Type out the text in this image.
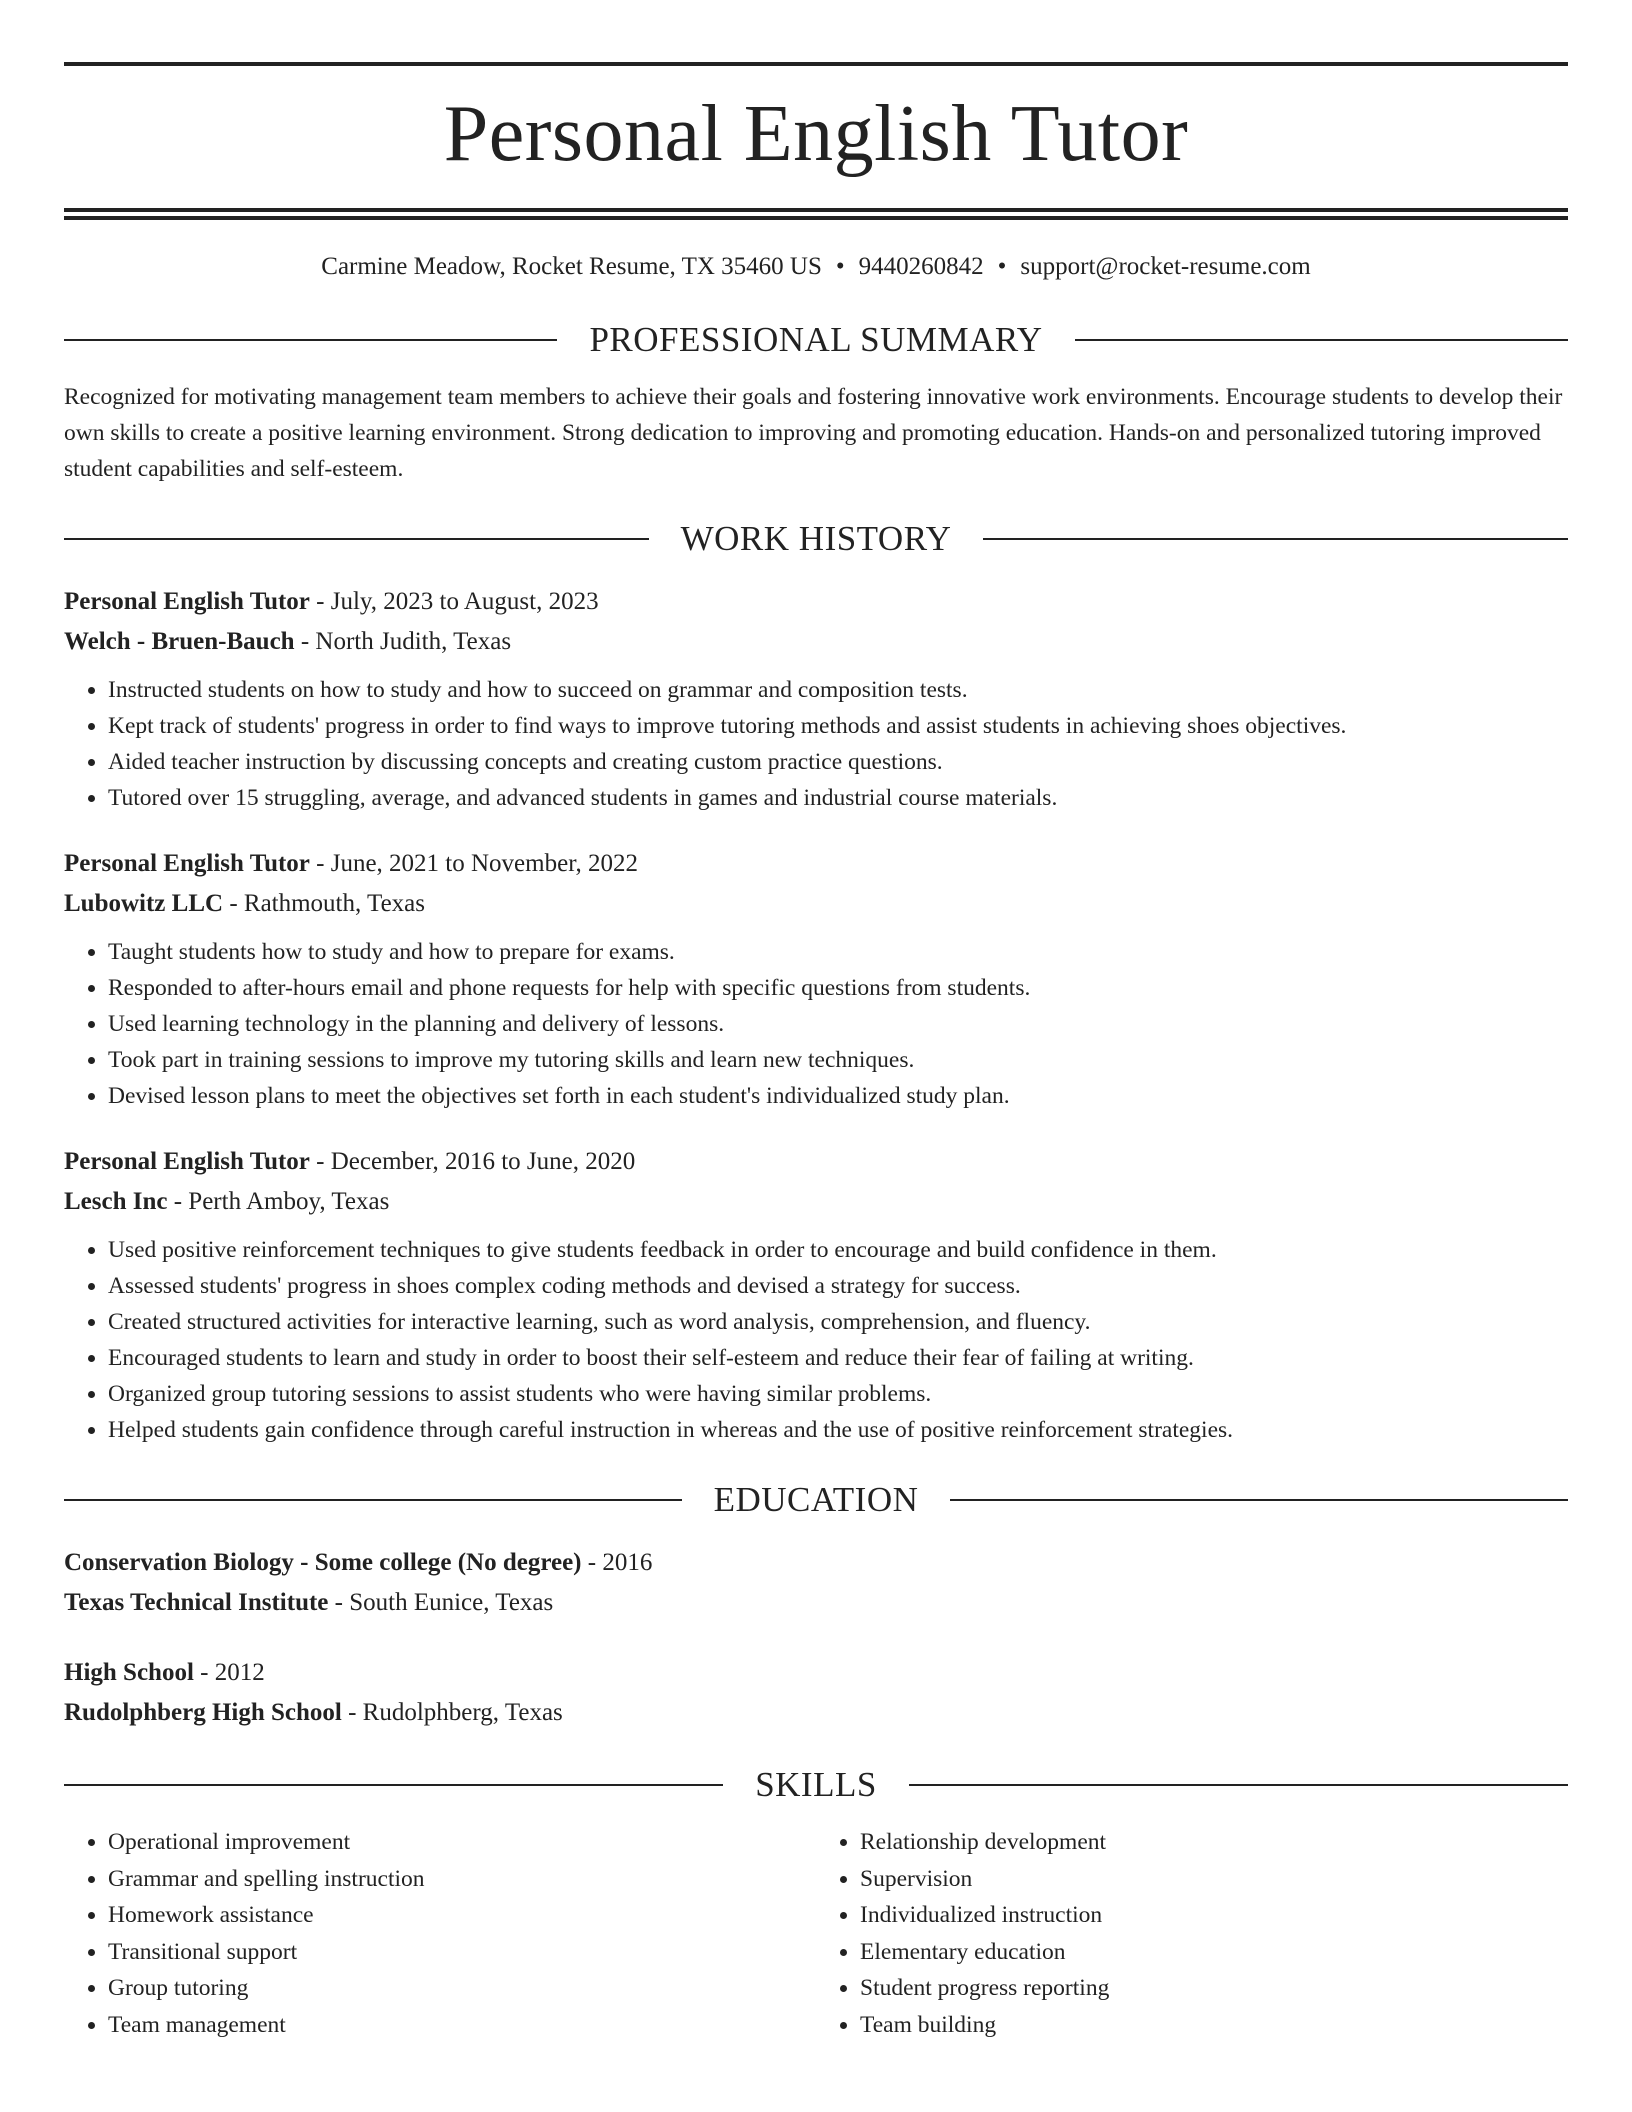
Personal English Tutor
Carmine Meadow, Rocket Resume, TX 35460 US • 9440260842 • support@rocket-resume.com
PROFESSIONAL SUMMARY
Recognized for motivating management team members to achieve their goals and fostering innovative work environments. Encourage students to develop their own skills to create a positive learning environment. Strong dedication to improving and promoting education. Hands-on and personalized tutoring improved student capabilities and self-esteem.
WORK HISTORY
Personal English Tutor - July, 2023 to August, 2023
Welch - Bruen-Bauch - North Judith, Texas
• Instructed students on how to study and how to succeed on grammar and composition tests.
• Kept track of students' progress in order to find ways to improve tutoring methods and assist students in achieving shoes objectives.
• Aided teacher instruction by discussing concepts and creating custom practice questions.
• Tutored over 15 struggling, average, and advanced students in games and industrial course materials.
Personal English Tutor - June, 2021 to November, 2022
Lubowitz LLC - Rathmouth, Texas
• Taught students how to study and how to prepare for exams.
• Responded to after-hours email and phone requests for help with specific questions from students.
• Used learning technology in the planning and delivery of lessons.
• Took part in training sessions to improve my tutoring skills and learn new techniques.
• Devised lesson plans to meet the objectives set forth in each student's individualized study plan.
Personal English Tutor - December, 2016 to June, 2020
Lesch Inc - Perth Amboy, Texas
• Used positive reinforcement techniques to give students feedback in order to encourage and build confidence in them.
• Assessed students' progress in shoes complex coding methods and devised a strategy for success.
• Created structured activities for interactive learning, such as word analysis, comprehension, and fluency.
• Encouraged students to learn and study in order to boost their self-esteem and reduce their fear of failing at writing.
• Organized group tutoring sessions to assist students who were having similar problems.
• Helped students gain confidence through careful instruction in whereas and the use of positive reinforcement strategies.
EDUCATION
Conservation Biology - Some college (No degree) - 2016
Texas Technical Institute - South Eunice, Texas
High School - 2012
Rudolphberg High School - Rudolphberg, Texas
SKILLS
• Operational improvement
• Grammar and spelling instruction
• Homework assistance
• Transitional support
• Group tutoring
• Team management
• Relationship development
• Supervision
• Individualized instruction
• Elementary education
• Student progress reporting
• Team building
